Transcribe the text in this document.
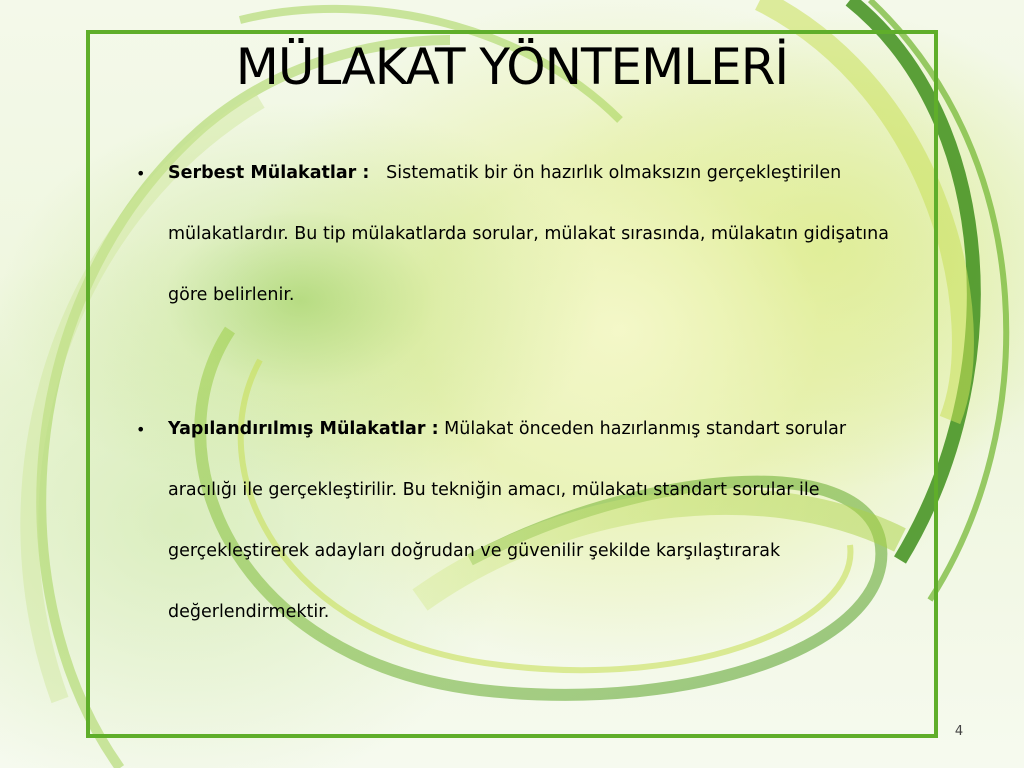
MÜLAKAT YÖNTEMLERİ
• Serbest Mülakatlar : Sistematik bir ön hazırlık olmaksızın gerçekleştirilen mülakatlardır. Bu tip mülakatlarda sorular, mülakat sırasında, mülakatın gidişatına göre belirlenir.
• Yapılandırılmış Mülakatlar : Mülakat önceden hazırlanmış standart sorular aracılığı ile gerçekleştirilir. Bu tekniğin amacı, mülakatı standart sorular ile gerçekleştirerek adayları doğrudan ve güvenilir şekilde karşılaştırarak değerlendirmektir.
4
